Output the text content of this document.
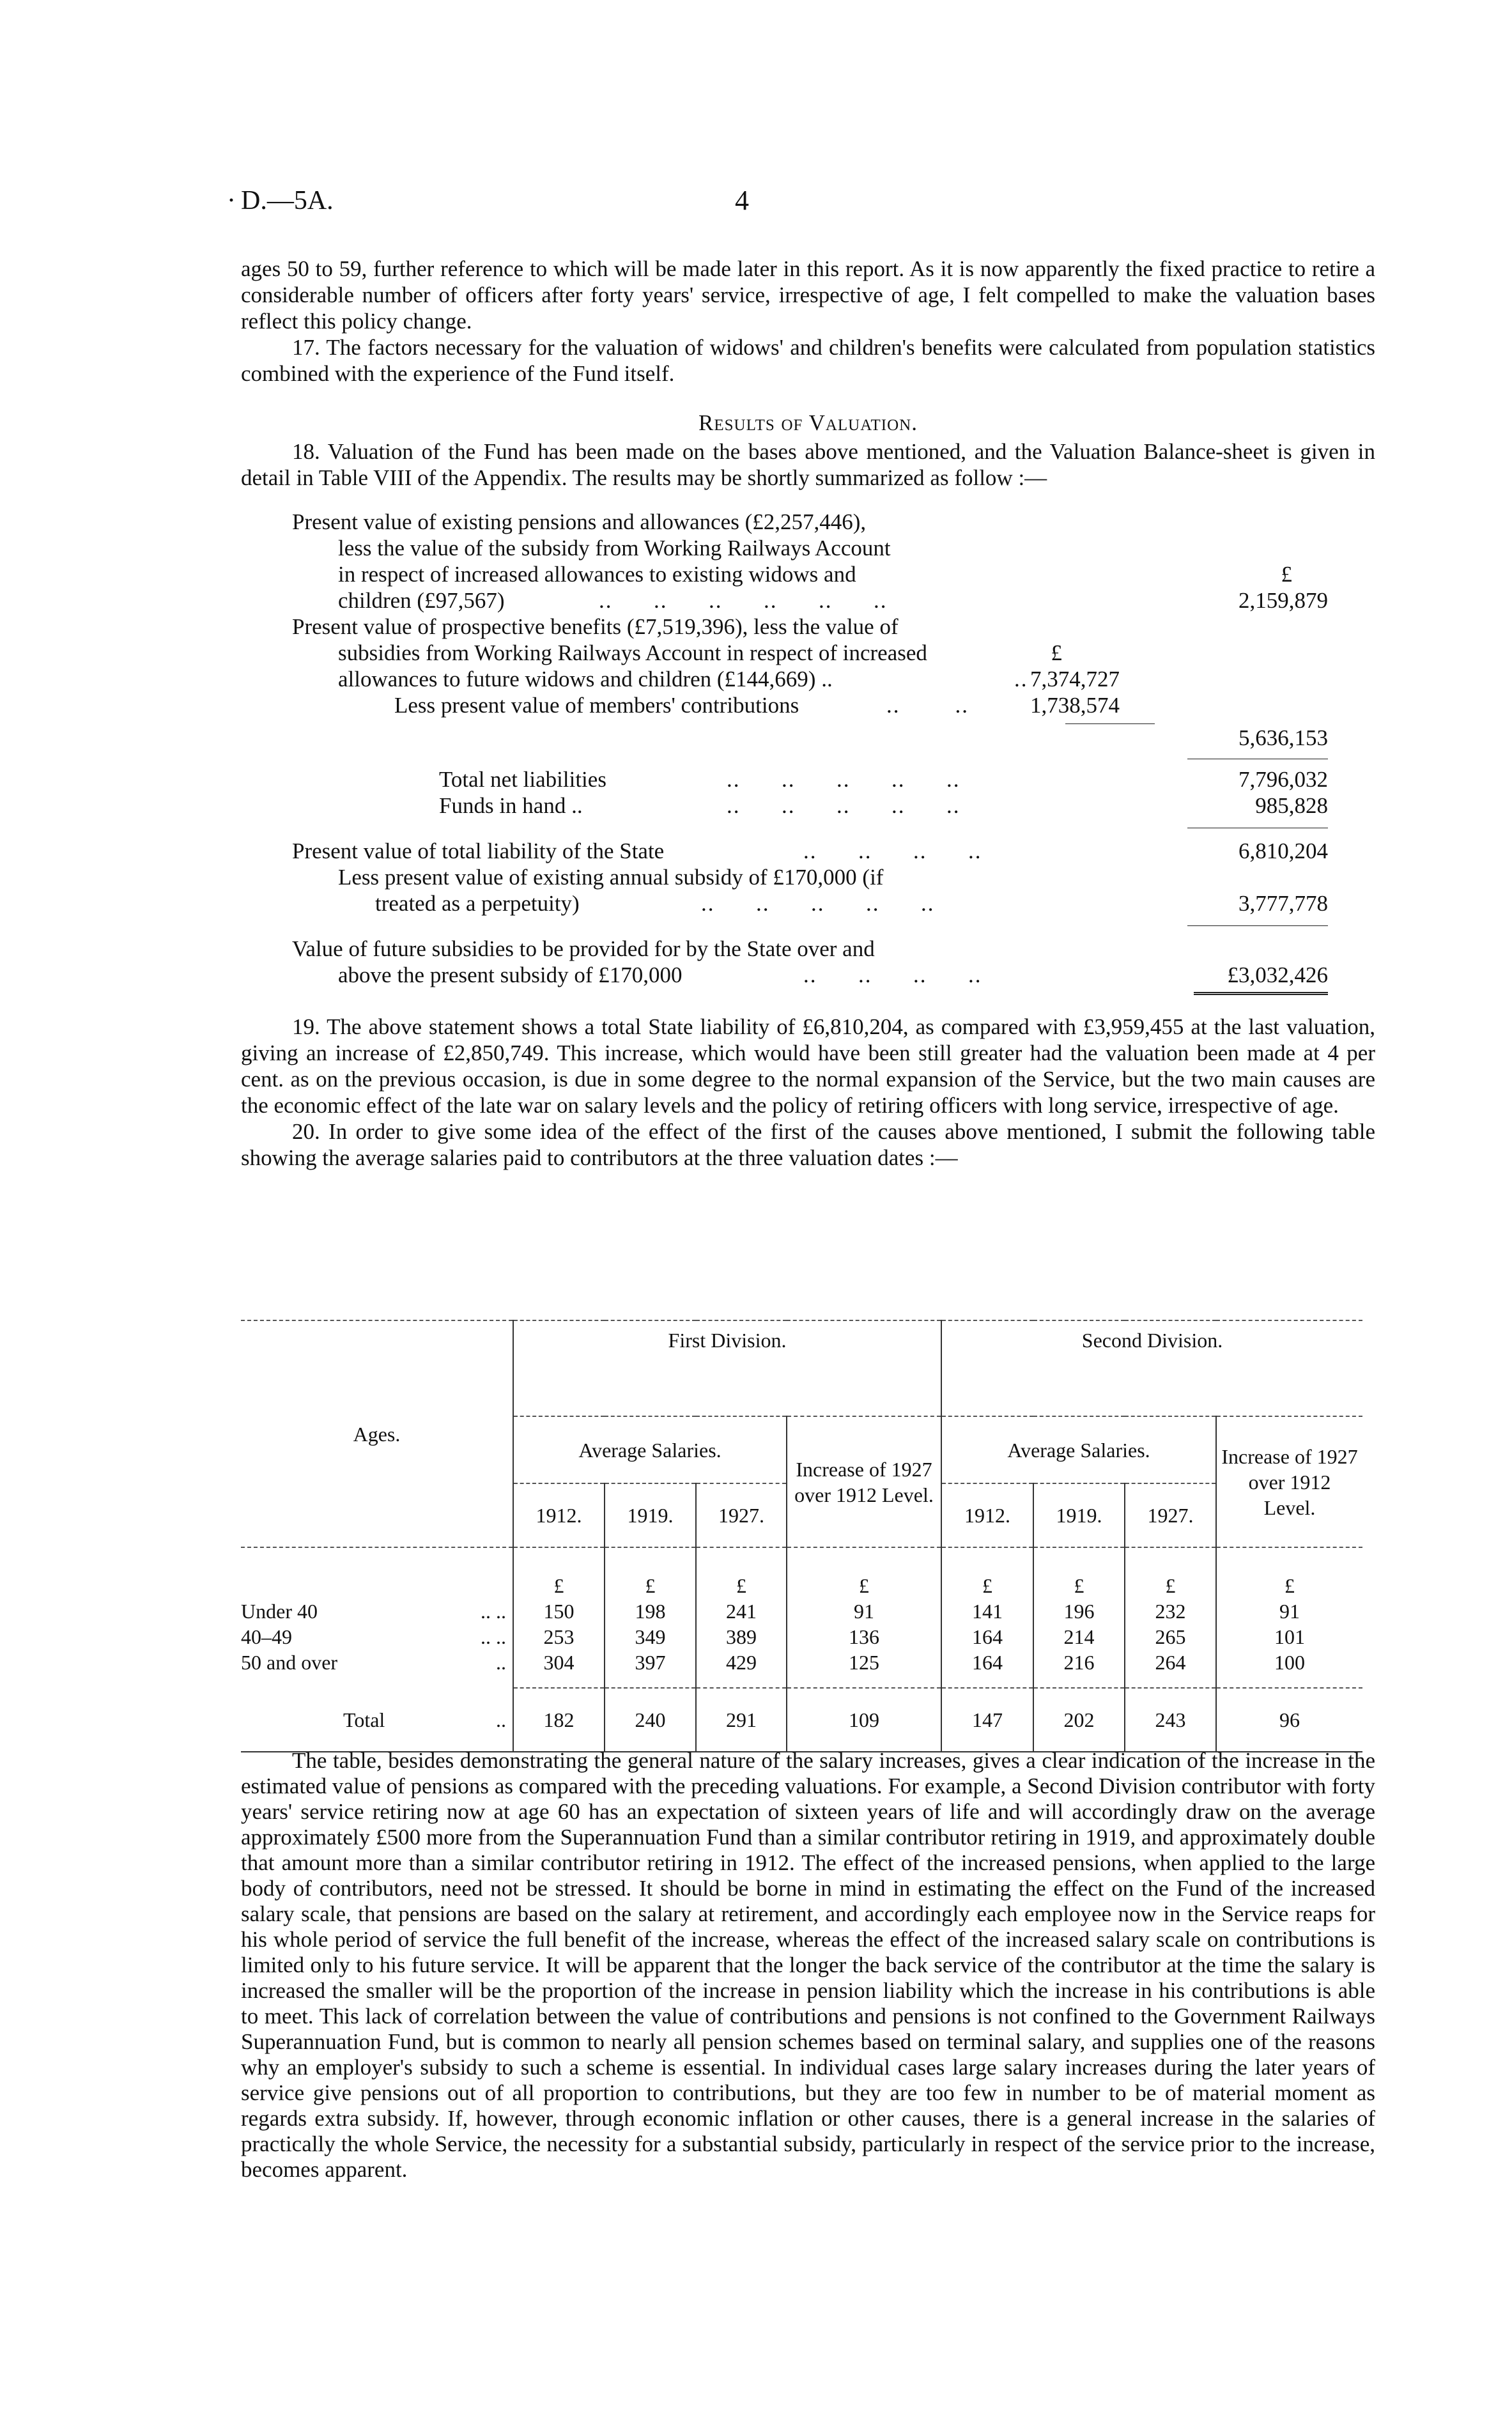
· D.—5A.	4

ages 50 to 59, further reference to which will be made later in this report. As it is now apparently the fixed practice to retire a considerable number of officers after forty years' service, irrespective of age, I felt compelled to make the valuation bases reflect this policy change.

17. The factors necessary for the valuation of widows' and children's benefits were calculated from population statistics combined with the experience of the Fund itself.

Results of Valuation.

18. Valuation of the Fund has been made on the bases above mentioned, and the Valuation Balance-sheet is given in detail in Table VIII of the Appendix. The results may be shortly summarized as follow :—

Present value of existing pensions and allowances (£2,257,446),
less the value of the subsidy from Working Railways Account
in respect of increased allowances to existing widows and	£
children (£97,567)	..      ..      ..      ..      ..      ..	2,159,879
Present value of prospective benefits (£7,519,396), less the value of
subsidies from Working Railways Account in respect of increased	£
allowances to future widows and children (£144,669) ..	.. 7,374,727
Less present value of members' contributions	..        ..	1,738,574
5,636,153
Total net liabilities	..      ..      ..      ..      ..	7,796,032
Funds in hand ..	..      ..      ..      ..      ..	985,828
Present value of total liability of the State	..      ..      ..      ..	6,810,204
Less present value of existing annual subsidy of £170,000 (if
treated as a perpetuity)	..      ..      ..      ..      ..	3,777,778
Value of future subsidies to be provided for by the State over and
above the present subsidy of £170,000	..      ..      ..      ..	£3,032,426

19. The above statement shows a total State liability of £6,810,204, as compared with £3,959,455 at the last valuation, giving an increase of £2,850,749. This increase, which would have been still greater had the valuation been made at 4 per cent. as on the previous occasion, is due in some degree to the normal expansion of the Service, but the two main causes are the economic effect of the late war on salary levels and the policy of retiring officers with long service, irrespective of age.

20. In order to give some idea of the effect of the first of the causes above mentioned, I submit the following table showing the average salaries paid to contributors at the three valuation dates :—

Ages.	First Division.				Second Division.			
	Average Salaries.			Increase of 1927 over 1912 Level.	Average Salaries.			Increase of 1927 over 1912 Level.
	1912.	1919.	1927.		1912.	1919.	1927.	
	£	£	£	£	£	£	£	£
Under 40 .. ..	150	198	241	91	141	196	232	91
40–49 .. ..	253	349	389	136	164	214	265	101
50 and over ..	304	397	429	125	164	216	264	100
Total ..	182	240	291	109	147	202	243	96

The table, besides demonstrating the general nature of the salary increases, gives a clear indication of the increase in the estimated value of pensions as compared with the preceding valuations. For example, a Second Division contributor with forty years' service retiring now at age 60 has an expectation of sixteen years of life and will accordingly draw on the average approximately £500 more from the Superannuation Fund than a similar contributor retiring in 1919, and approximately double that amount more than a similar contributor retiring in 1912. The effect of the increased pensions, when applied to the large body of contributors, need not be stressed. It should be borne in mind in estimating the effect on the Fund of the increased salary scale, that pensions are based on the salary at retirement, and accordingly each employee now in the Service reaps for his whole period of service the full benefit of the increase, whereas the effect of the increased salary scale on contributions is limited only to his future service. It will be apparent that the longer the back service of the contributor at the time the salary is increased the smaller will be the proportion of the increase in pension liability which the increase in his contributions is able to meet. This lack of correlation between the value of contributions and pensions is not confined to the Government Railways Superannuation Fund, but is common to nearly all pension schemes based on terminal salary, and supplies one of the reasons why an employer's subsidy to such a scheme is essential. In individual cases large salary increases during the later years of service give pensions out of all proportion to contributions, but they are too few in number to be of material moment as regards extra subsidy. If, however, through economic inflation or other causes, there is a general increase in the salaries of practically the whole Service, the necessity for a substantial subsidy, particularly in respect of the service prior to the increase, becomes apparent.
